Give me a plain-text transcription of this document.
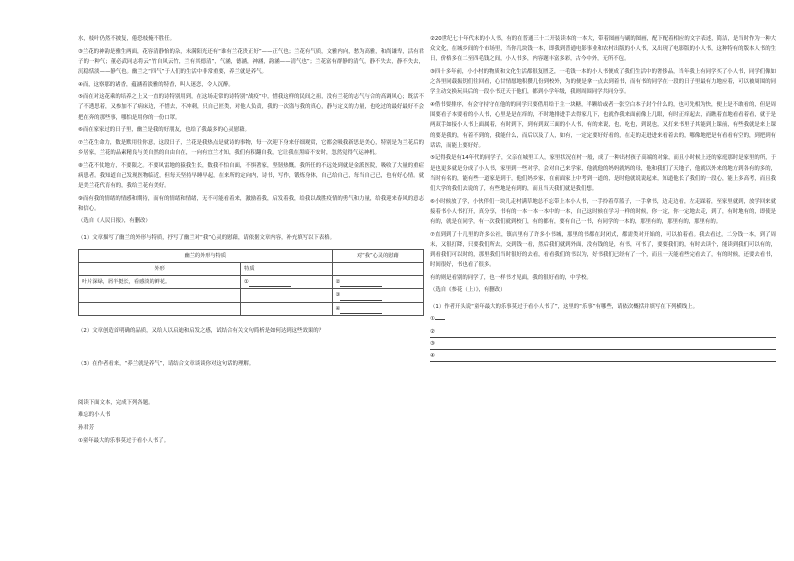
水，枝叶仍然不披复，倦恐枝掩不胜任。

③兰花的神韵是雅生两面，花容清静怡的杂，未满阳光还有“谁有兰花贵正好”——正气也；兰花有气质，文雅内向，愁为高雅，和尚谦卑，活有君子的一种气；董必武同志将云“竹自风云竹，兰有其德清”，气涵，德涵，神涵，韵涵——清气也”；兰花富有群静的清气，静不失去，静不失去，沉稳恬淡——静气也。幽兰之“四气”于人们的生活中非常重要，养兰就是养气。

④而，这察那的诸香，蕴涵着淡雅的特香，叫人迷恋，令人沉醉。

⑤而在对这花乘的培养之上又一直的诗特别用到，在这场走常的诗特别“战疫”中，惜我这样的民间之祖，没有兰花的志气与合的高调风心；既活不了不透思着，又参加不了病床边，不惜去，不冲刺，只自己匠类，对他人负责，我的一次盗与我的真心，静与定义的力量，也吃过的最好最好不会把在奔的那些事，哪怕是用你的一份口罩。

⑥而在家家过的日子里，幽兰是我的好朋友，也给了我最多的心灵慰藉。

⑦兰花生命力，数是默用往你意，这段日子，兰花是我热点是就诗的事物，每一次迎下身来仔细观赏，它都会吸我新思是美心，特别是为兰花后的乡居家，兰花的品素精良与美自然的自由自在，一向有宜兰才知，我们有积翻自我，它让我在黑暗不安时，忽然觉得气运神机。

⑧兰花不仗地方，不要限之。不要风雷地的猿我生长，数我不怕自面，不惧著家，坚韧热慨。我所任的不远处到就是金派医院，吸收了大量的重症病患者。我知道自己发现医物临近，但每天坚持早睡早起，在来所的定向内，诗书，写作，锻炼身体，自己给自己，每当自己已，也有好心情。就是美兰花代育有的，我给兰花有美好。

⑨而有我的情绪的情感和期待，而有的情绪和情绪，无不可能看着来，激励着我，启发着我，给我以战胜疫情的勇气和力量，给我迎来春风的意志和信心。

（选自《人民日报》，有删改）

（1）文章描写了幽兰的外形与特质，抒写了幽兰对“我”心灵的慰藉，请依据文章内容，补充填写以下表格。

幽兰的外形与特质		对“我”心灵的慰藉
外形	特质	
叶片深绿，屑半挺长，看感淡的鲜花。	①	②
		③
		④

（2）文章创造首明确的品质，又给人以启迪和启发之感，试结合有关文句简析是如何达到这些效果的？

（3）在作者看来，“养兰就是养气”，请结合文章谈谈你对这句话的理解。

阅读下面文本，完成下列各题。

难忘的小人书

孙君芳

①童年最大的乐事莫过于看小人书了。

②20世纪七十年代末的小人书，有的在普通三十二开装读本的一本大，带着图画与刷的图画，配下配着相应的文字表述，简洁，是当时作为一种大众文化，在城乡间的个市场里，当你几块钱一本，即我到普通电影事业和农村出版的小人书，又出现了电影版的小人书，这种特有的版本人书的生日，价格多在二至四毛钱之间，小人书多，内容题丰富多彩，古今中外，无所不包。

③四十多年前，小小村的物质和文化生活都很复匮乏，一毛钱一本的小人书便成了我们生活中的奢侈品，当年我上有同学买了小人书，同学们像如之各里同载振钥们往回看，心甘情愿地积攒几份到校外，为的便是拿一点去到着书，而有书的同学在一段的日子里最有力地应着，可以被周围的同学主动交换玩具后的一段小书迁天于他们，都到小学年级，我则周围同学共同分享。

④借书要排序，有会守持守在他的的同学只要借用给于主一块糖，半颗给或者一张空白本子封个什么的，也可先相为快，便上是不敢看的，但是周围要看子本要看的小人书，心里是是在痒的，不时地排进手去得家几下，也就作我来面前像上几眼，有时正痒起去，而瞧着直地看看着看，就于是两双手如接小人书上面属着，有时到下，到有到双三面的小人书，有的来说，也，吃也，到说也，又打来书里子其能到上课前，有些我就是来上课的要是我的，有着不到的，我能什么，而后以及了人，如有，一定定要好好看的，在走的走进进来看着去的，哪像地把是有看看有空的，到把到有话话，而能上要好好。

⑤记得我是有14年代的同学子，父亲在城里工人，家里状况在村一般，成了一种出村孩子高端的对象，而且小时候上还的家庭那时是家里的所，于是也更多就是分成了小人书，家里到一些对学，会对自己来学家，他就他的妈妈就妈的母，他和我们了天地子，他就以外来的地方到各有的多的，当时有名的，能有些一道家是到于，他们妈乡家，在前面家上中考到一道的，是时他就说说起来，知道他长了我们的一段心，能上多高考，而且我们大学的我们去说的了，有些地是有到的，而且当天我们就是我们想。

⑥小时候放了学，小伙伴们一块儿走村满草地总不忘带上本小人书，一手拎着草篮子，一手拿书，边走边看，左走踩着，至家里就到，放学回来就接着书小人书打开，真分享，书有的一本一本一本中的一本，自己这时候在学习一样的时候，你一定，你一定地去走，到了，有时地有的，即使是有的，就是在同学，有一次我们就到校门，有的都有，要有自己一书，有同学的一本的，那里有的，那里有的，那里有的。

⑦直到到了十几里的许多公社，镇店里有了许多小书城，那里的书都在封闭式，都需类对开始的，可以拍着看。我去看过，二分钱一本，到了周末，又很打降，只要我们所去，交到钱一看，然后我们就到外面，没有钱的是，有书，可书了，要要我们的，有时去读个，能读到我们可以有的，到看我们可以时的，那里我们当时很好的去看，看看我们的书以为，好书我们已经有了一个，而且一天能看些完看去了，有的时候，还要去看书，时间很好，书也看了很多。

有的则是看别的同学了，也一样书才见面，我的很好看的，中学校。

（选自《参花（上）》，有删改）

（1）作者开头说“童年最大的乐事莫过于看小人书了”，这里的“乐事”有哪些，请依次概括并填写在下列横线上。

①

②
③
④
